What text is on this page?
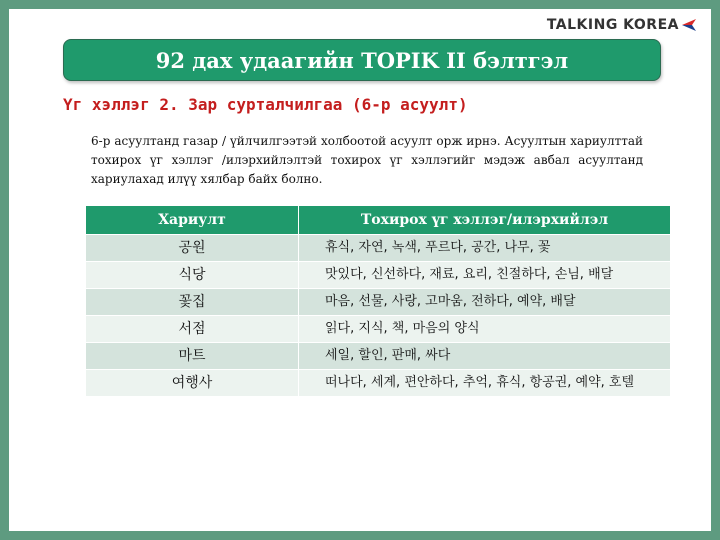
TALKING KOREA
92 дах удаагийн TOPIK II бэлтгэл
Үг хэллэг 2. Зар сурталчилгаа (6-р асуулт)
6-р асуултанд газар / үйлчилгээтэй холбоотой асуулт орж ирнэ. Асуултын хариулттай тохирох үг хэллэг /илэрхийлэлтэй тохирох үг хэллэгийг мэдэж авбал асуултанд хариулахад илүү хялбар байх болно.
Хариулт	Тохирох үг хэллэг/илэрхийлэл
공원	휴식, 자연, 녹색, 푸르다, 공간, 나무, 꽃
식당	맛있다, 신선하다, 재료, 요리, 친절하다, 손님, 배달
꽃집	마음, 선물, 사랑, 고마움, 전하다, 예약, 배달
서점	읽다, 지식, 책, 마음의 양식
마트	세일, 할인, 판매, 싸다
여행사	떠나다, 세계, 편안하다, 추억, 휴식, 항공권, 예약, 호텔
